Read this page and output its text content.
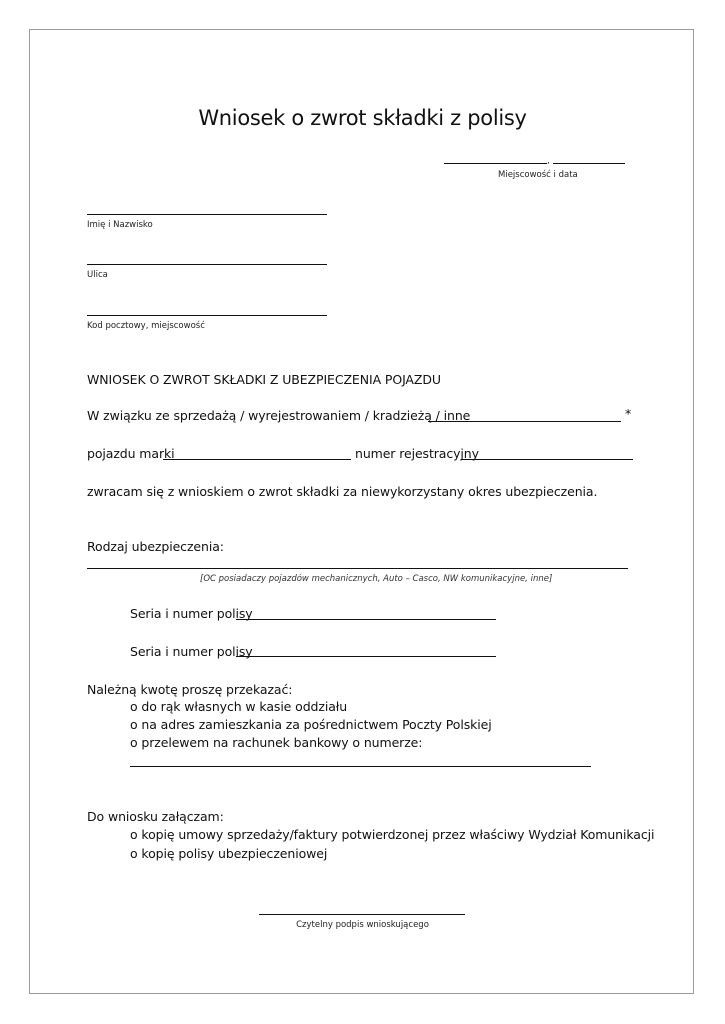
Wniosek o zwrot składki z polisy
,
Miejscowość i data
Imię i Nazwisko
Ulica
Kod pocztowy, miejscowość
WNIOSEK O ZWROT SKŁADKI Z UBEZPIECZENIA POJAZDU
W związku ze sprzedażą / wyrejestrowaniem / kradzieżą / inne	*
pojazdu marki	numer rejestracyjny
zwracam się z wnioskiem o zwrot składki za niewykorzystany okres ubezpieczenia.
Rodzaj ubezpieczenia:
[OC posiadaczy pojazdów mechanicznych, Auto – Casco, NW komunikacyjne, inne]
Seria i numer polisy
Seria i numer polisy
Należną kwotę proszę przekazać:
o do rąk własnych w kasie oddziału
o na adres zamieszkania za pośrednictwem Poczty Polskiej
o przelewem na rachunek bankowy o numerze:
Do wniosku załączam:
o kopię umowy sprzedaży/faktury potwierdzonej przez właściwy Wydział Komunikacji
o kopię polisy ubezpieczeniowej
Czytelny podpis wnioskującego
